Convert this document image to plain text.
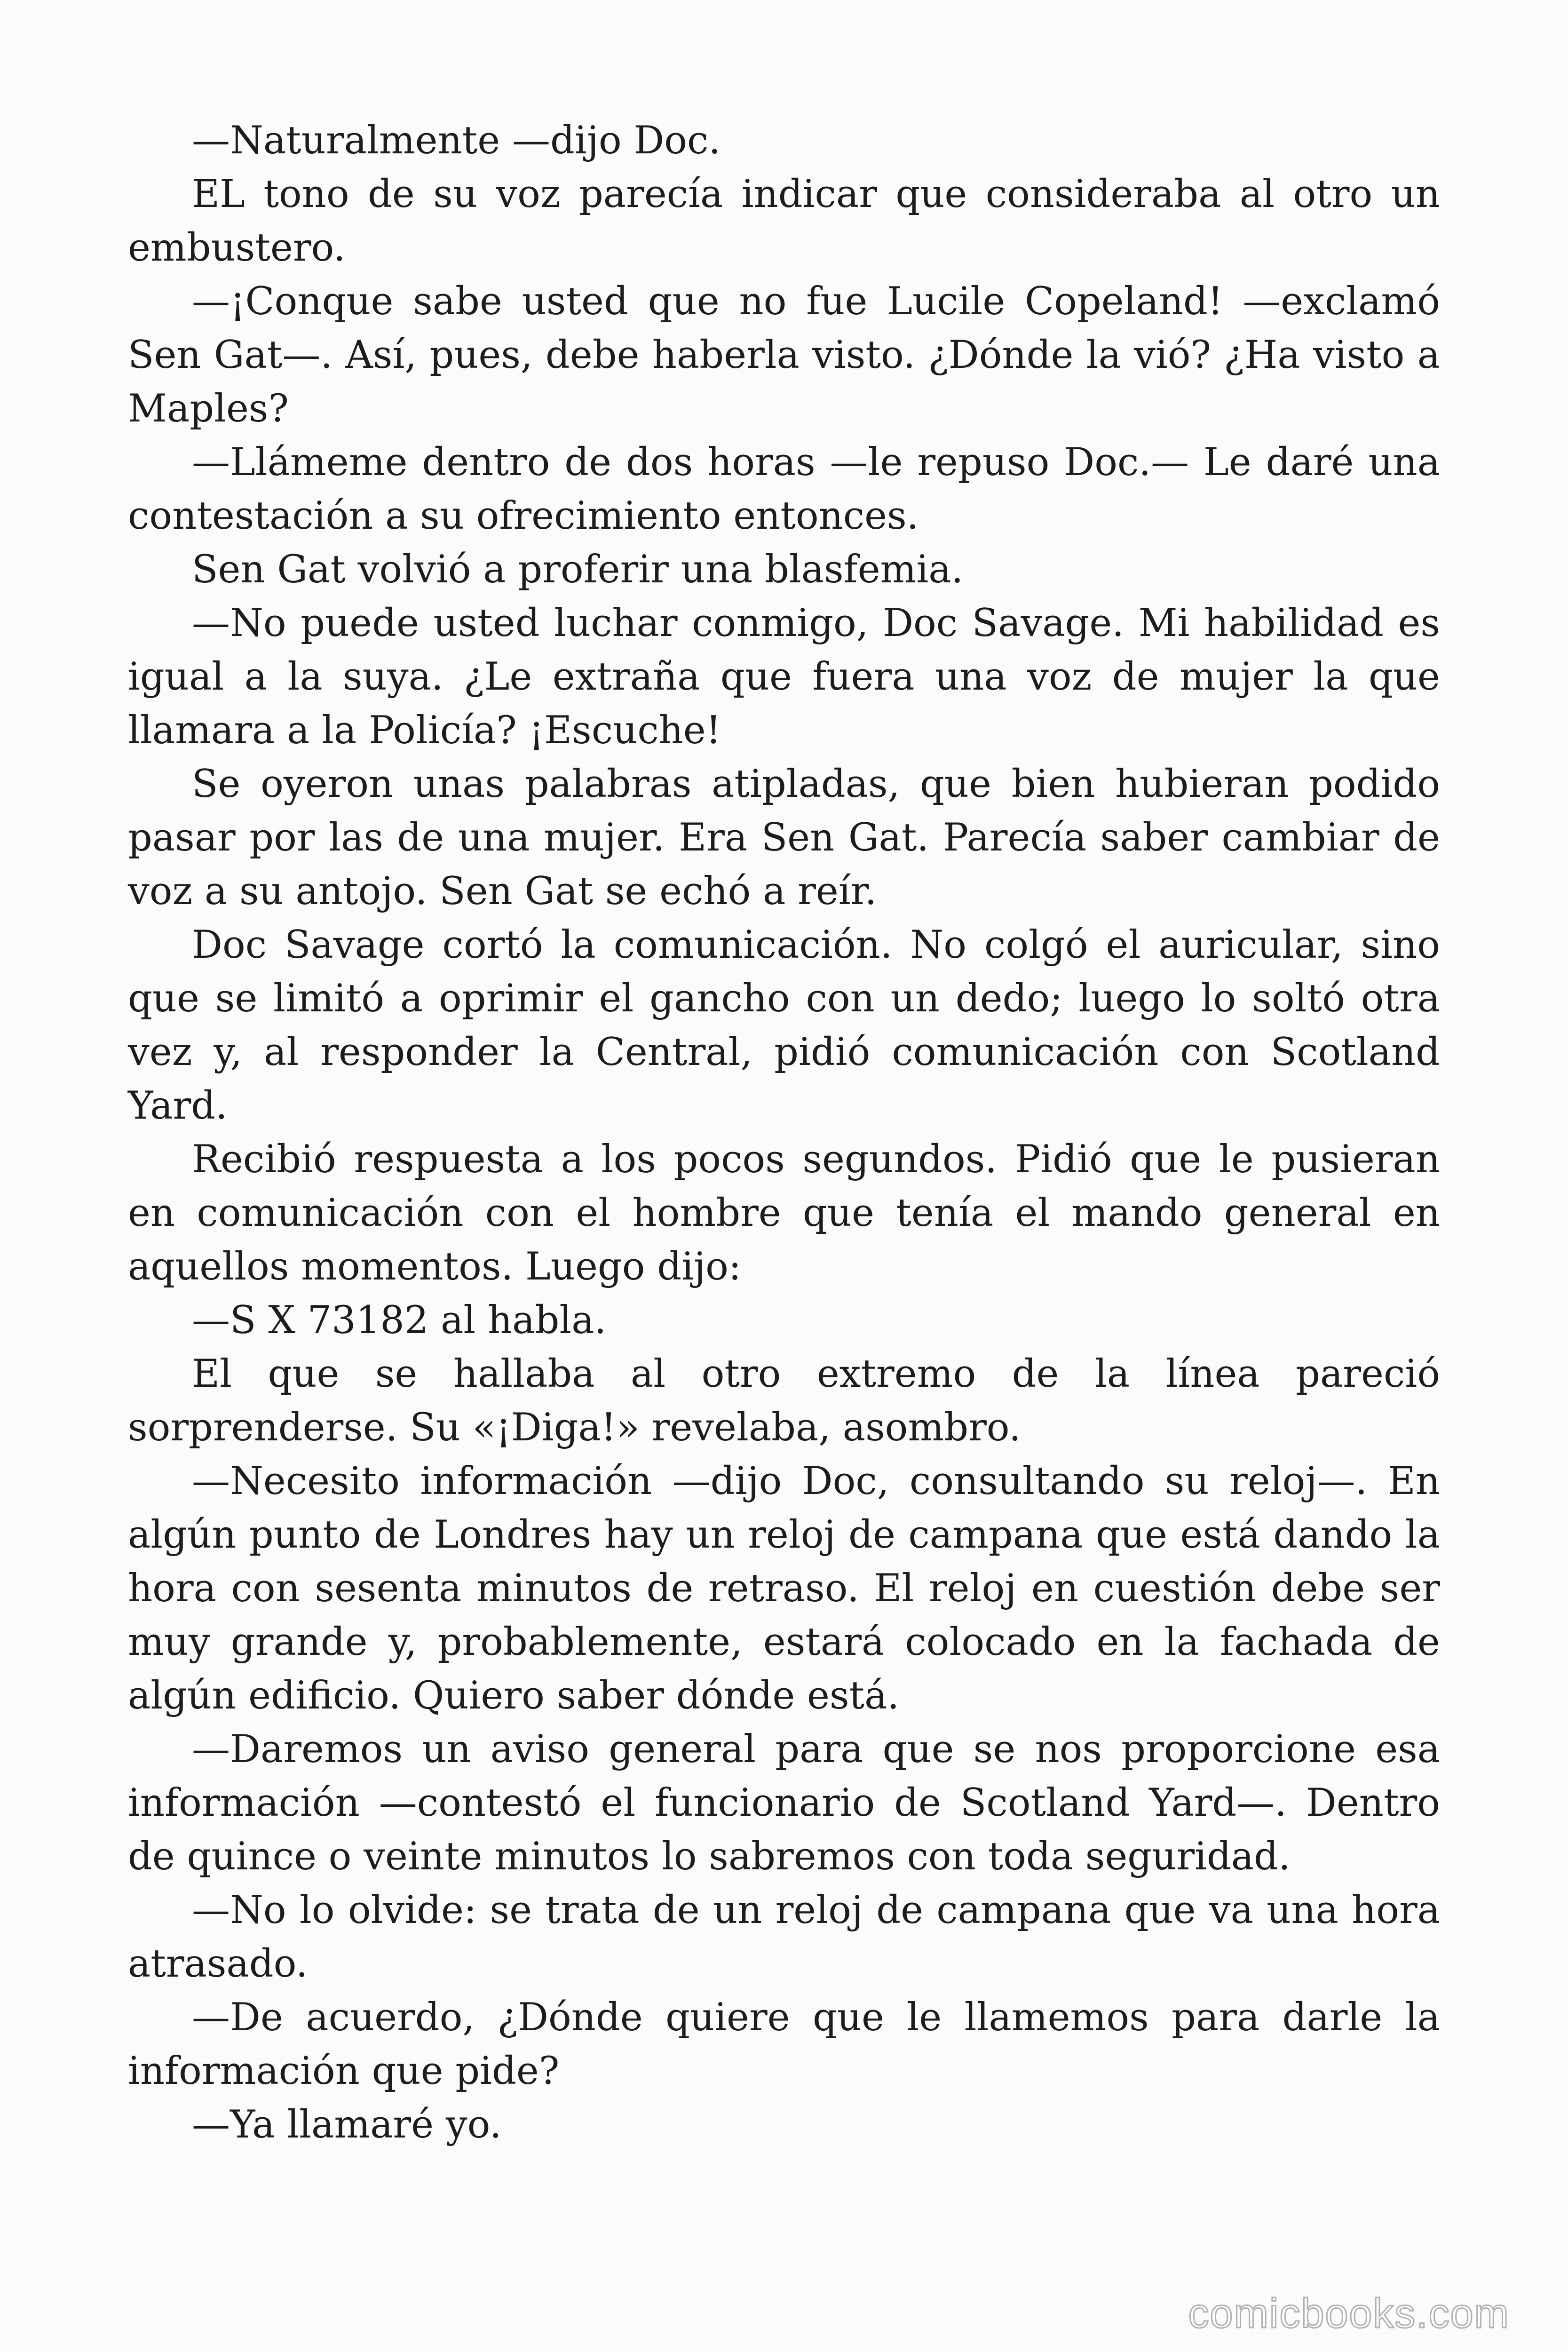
—Naturalmente —dijo Doc.

EL tono de su voz parecía indicar que consideraba al otro un embustero.

—¡Conque sabe usted que no fue Lucile Copeland! —exclamó Sen Gat—. Así, pues, debe haberla visto. ¿Dónde la vió? ¿Ha visto a Maples?

—Llámeme dentro de dos horas —le repuso Doc.— Le daré una contestación a su ofrecimiento entonces.

Sen Gat volvió a proferir una blasfemia.

—No puede usted luchar conmigo, Doc Savage. Mi habilidad es igual a la suya. ¿Le extraña que fuera una voz de mujer la que llamara a la Policía? ¡Escuche!

Se oyeron unas palabras atipladas, que bien hubieran podido pasar por las de una mujer. Era Sen Gat. Parecía saber cambiar de voz a su antojo. Sen Gat se echó a reír.

Doc Savage cortó la comunicación. No colgó el auricular, sino que se limitó a oprimir el gancho con un dedo; luego lo soltó otra vez y, al responder la Central, pidió comunicación con Scotland Yard.

Recibió respuesta a los pocos segundos. Pidió que le pusieran en comunicación con el hombre que tenía el mando general en aquellos momentos. Luego dijo:

—S X 73182 al habla.

El que se hallaba al otro extremo de la línea pareció sorprenderse. Su «¡Diga!» revelaba, asombro.

—Necesito información —dijo Doc, consultando su reloj—. En algún punto de Londres hay un reloj de campana que está dando la hora con sesenta minutos de retraso. El reloj en cuestión debe ser muy grande y, probablemente, estará colocado en la fachada de algún edificio. Quiero saber dónde está.

—Daremos un aviso general para que se nos proporcione esa información —contestó el funcionario de Scotland Yard—. Dentro de quince o veinte minutos lo sabremos con toda seguridad.

—No lo olvide: se trata de un reloj de campana que va una hora atrasado.

—De acuerdo, ¿Dónde quiere que le llamemos para darle la información que pide?

—Ya llamaré yo.

comicbooks.com
